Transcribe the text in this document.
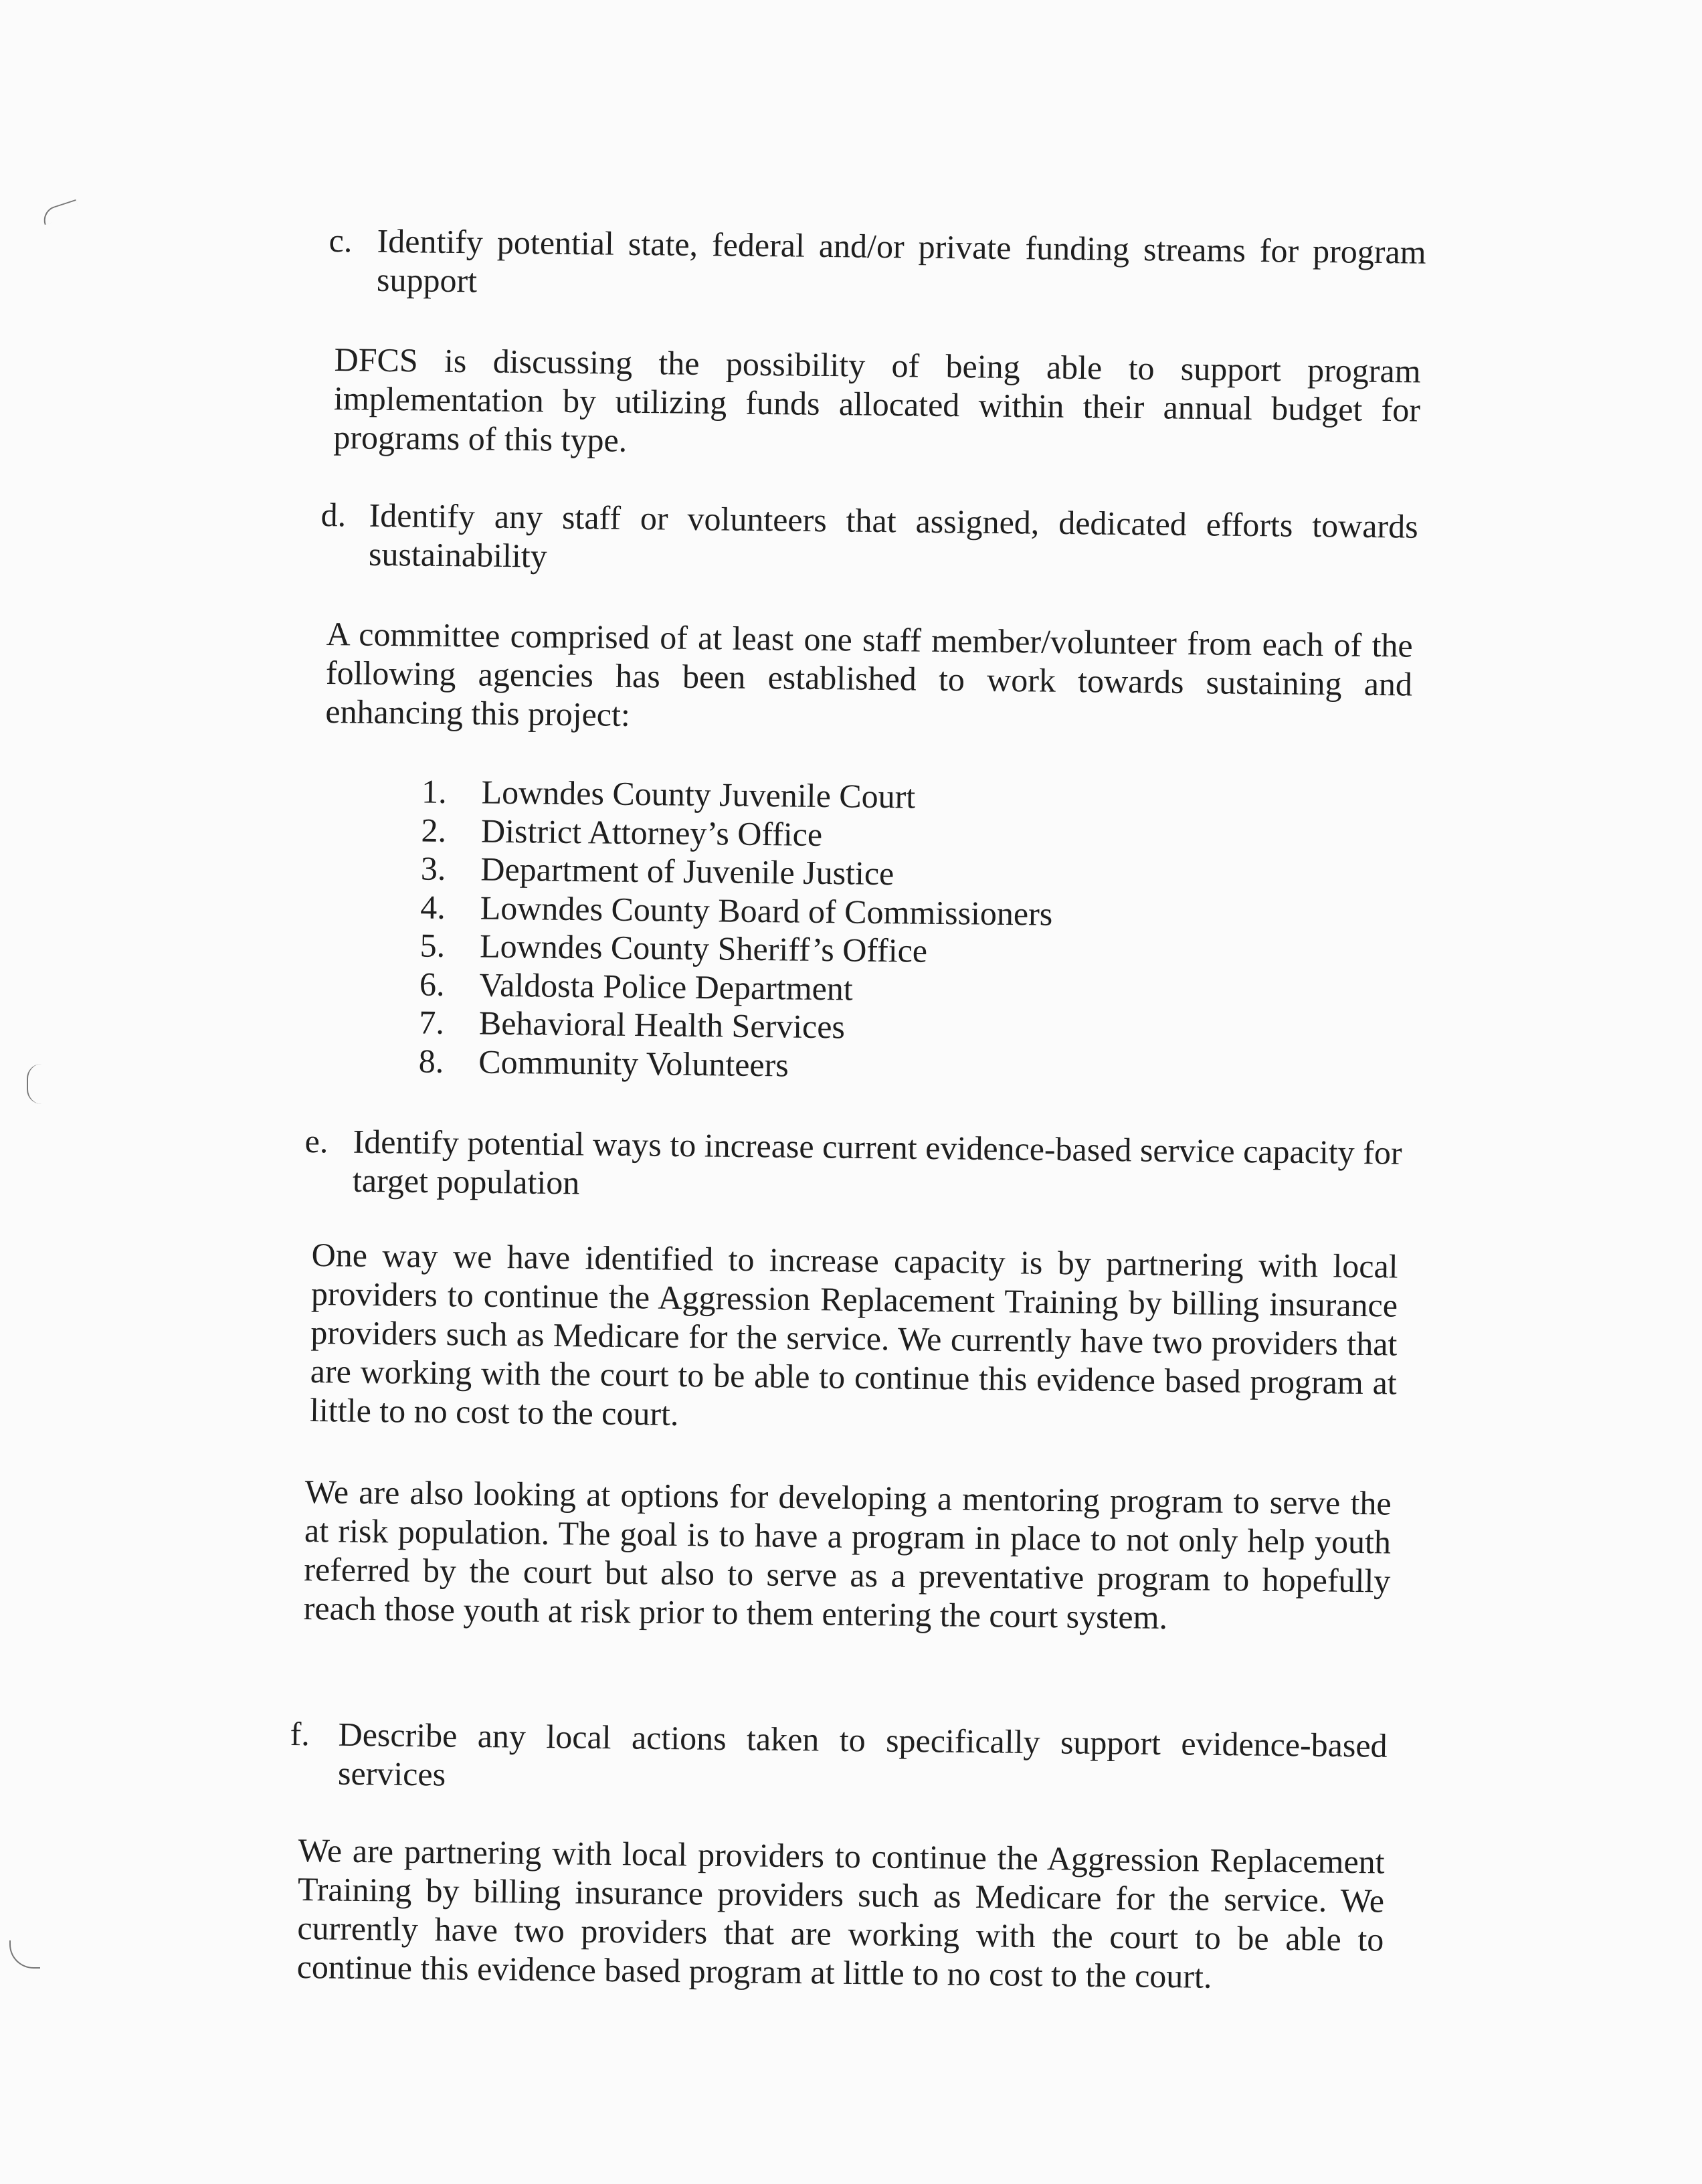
c. Identify potential state, federal and/or private funding streams for program support

DFCS is discussing the possibility of being able to support program implementation by utilizing funds allocated within their annual budget for programs of this type.

d. Identify any staff or volunteers that assigned, dedicated efforts towards sustainability

A committee comprised of at least one staff member/volunteer from each of the following agencies has been established to work towards sustaining and enhancing this project:

1.	Lowndes County Juvenile Court
2.	District Attorney’s Office
3.	Department of Juvenile Justice
4.	Lowndes County Board of Commissioners
5.	Lowndes County Sheriff’s Office
6.	Valdosta Police Department
7.	Behavioral Health Services
8.	Community Volunteers
e. Identify potential ways to increase current evidence-based service capacity for target population

One way we have identified to increase capacity is by partnering with local providers to continue the Aggression Replacement Training by billing insurance providers such as Medicare for the service. We currently have two providers that are working with the court to be able to continue this evidence based program at little to no cost to the court.

We are also looking at options for developing a mentoring program to serve the at risk population. The goal is to have a program in place to not only help youth referred by the court but also to serve as a preventative program to hopefully reach those youth at risk prior to them entering the court system.

f. Describe any local actions taken to specifically support evidence-based services

We are partnering with local providers to continue the Aggression Replacement Training by billing insurance providers such as Medicare for the service. We currently have two providers that are working with the court to be able to continue this evidence based program at little to no cost to the court.
